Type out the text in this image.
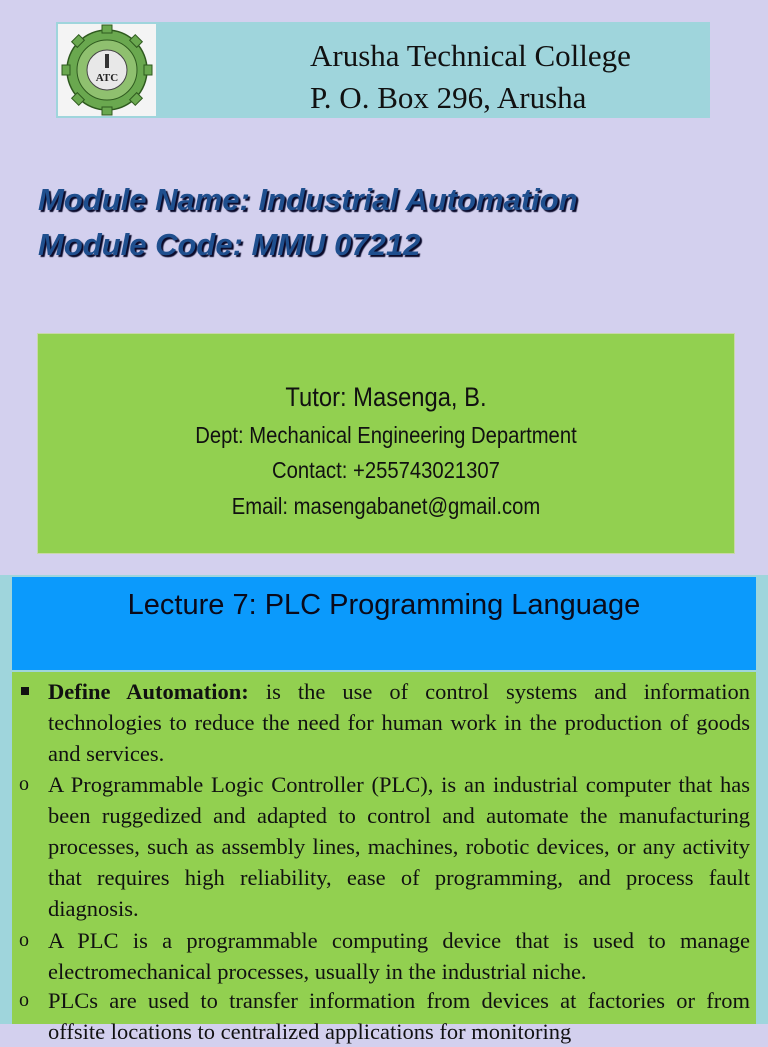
ATC
Arusha Technical College
P. O. Box 296, Arusha
Module Name: Industrial Automation
Module Code: MMU 07212
Tutor: Masenga, B.
Dept: Mechanical Engineering Department
Contact: +255743021307
Email: masengabanet@gmail.com
Lecture 7: PLC Programming Language
Define Automation: is the use of control systems and information technologies to reduce the need for human work in the production of goods and services.
o A Programmable Logic Controller (PLC), is an industrial computer that has been ruggedized and adapted to control and automate the manufacturing processes, such as assembly lines, machines, robotic devices, or any activity that requires high reliability, ease of programming, and process fault diagnosis.
o A PLC is a programmable computing device that is used to manage electromechanical processes, usually in the industrial niche.
o PLCs are used to transfer information from devices at factories or from offsite locations to centralized applications for monitoring
